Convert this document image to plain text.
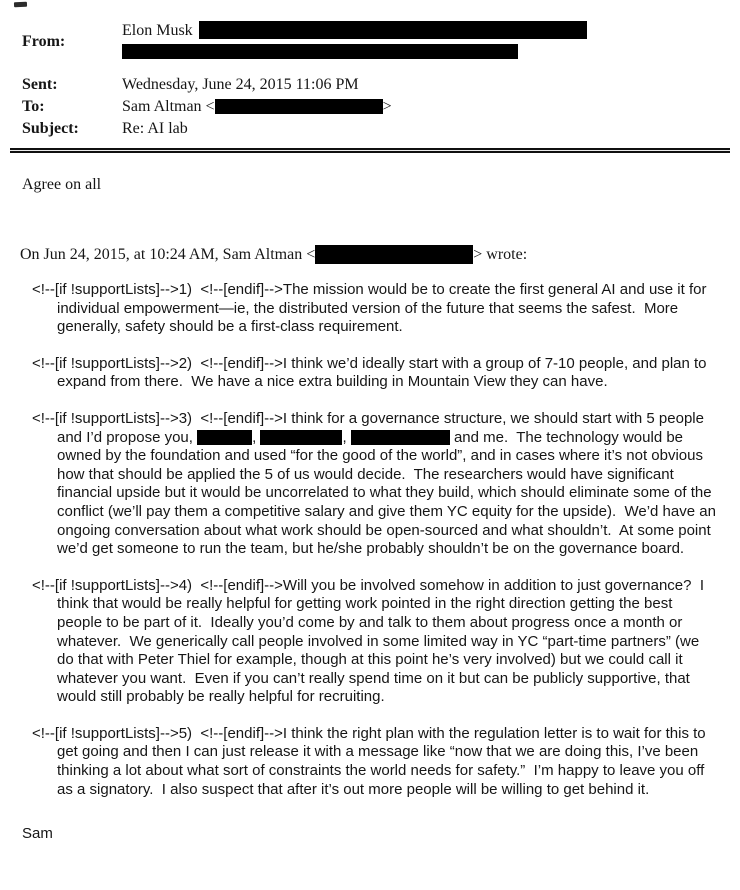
From:
Elon Musk
Sent:	Wednesday, June 24, 2015 11:06 PM
To:	Sam Altman <	>
Subject:	Re: AI lab

Agree on all

On Jun 24, 2015, at 10:24 AM, Sam Altman <	> wrote:

<!--[if !supportLists]-->1)  <!--[endif]-->The mission would be to create the first general AI and use it for individual empowerment—ie, the distributed version of the future that seems the safest.  More generally, safety should be a first-class requirement.

<!--[if !supportLists]-->2)  <!--[endif]-->I think we’d ideally start with a group of 7-10 people, and plan to expand from there.  We have a nice extra building in Mountain View they can have.

<!--[if !supportLists]-->3)  <!--[endif]-->I think for a governance structure, we should start with 5 people and I’d propose you,	,	,	and me.  The technology would be owned by the foundation and used “for the good of the world”, and in cases where it’s not obvious how that should be applied the 5 of us would decide.  The researchers would have significant financial upside but it would be uncorrelated to what they build, which should eliminate some of the conflict (we’ll pay them a competitive salary and give them YC equity for the upside).  We’d have an ongoing conversation about what work should be open-sourced and what shouldn’t.  At some point we’d get someone to run the team, but he/she probably shouldn’t be on the governance board.

<!--[if !supportLists]-->4)  <!--[endif]-->Will you be involved somehow in addition to just governance?  I think that would be really helpful for getting work pointed in the right direction getting the best people to be part of it.  Ideally you’d come by and talk to them about progress once a month or whatever.  We generically call people involved in some limited way in YC “part-time partners” (we do that with Peter Thiel for example, though at this point he’s very involved) but we could call it whatever you want.  Even if you can’t really spend time on it but can be publicly supportive, that would still probably be really helpful for recruiting.

<!--[if !supportLists]-->5)  <!--[endif]-->I think the right plan with the regulation letter is to wait for this to get going and then I can just release it with a message like “now that we are doing this, I’ve been thinking a lot about what sort of constraints the world needs for safety.”  I’m happy to leave you off as a signatory.  I also suspect that after it’s out more people will be willing to get behind it.

Sam
